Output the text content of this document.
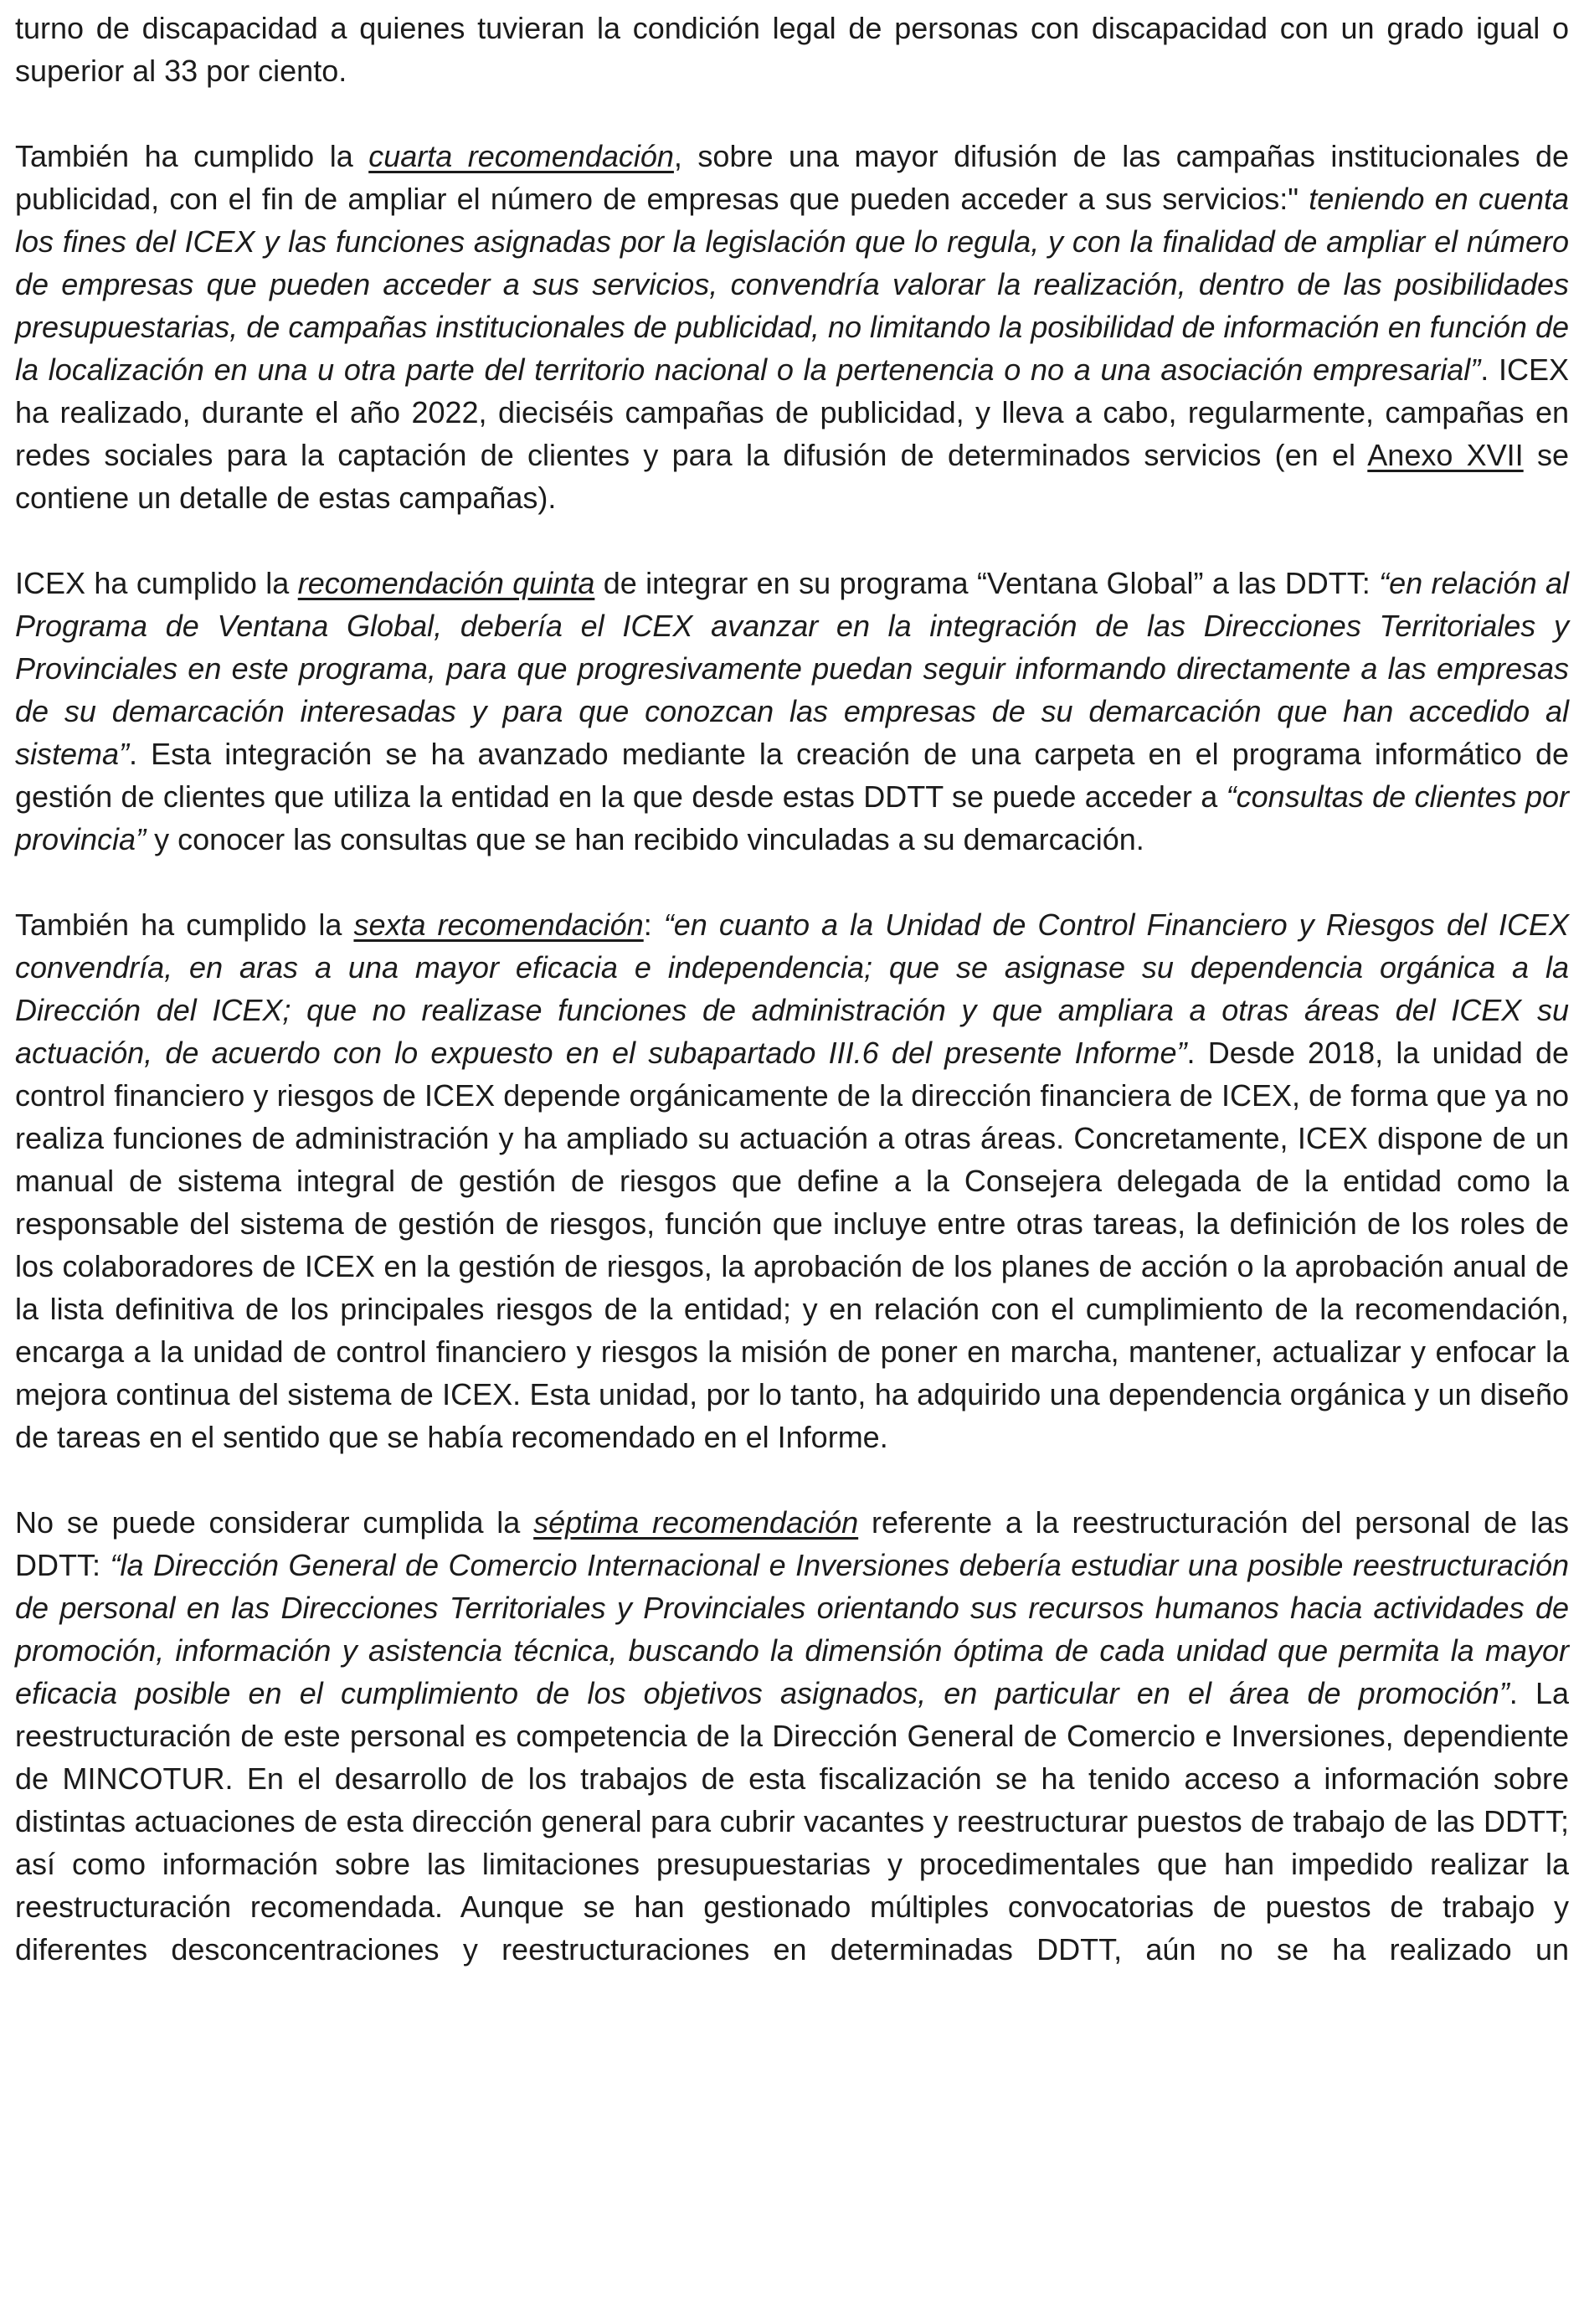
turno de discapacidad a quienes tuvieran la condición legal de personas con discapacidad con un grado igual o superior al 33 por ciento.

También ha cumplido la cuarta recomendación, sobre una mayor difusión de las campañas institucionales de publicidad, con el fin de ampliar el número de empresas que pueden acceder a sus servicios:" teniendo en cuenta los fines del ICEX y las funciones asignadas por la legislación que lo regula, y con la finalidad de ampliar el número de empresas que pueden acceder a sus servicios, convendría valorar la realización, dentro de las posibilidades presupuestarias, de campañas institucionales de publicidad, no limitando la posibilidad de información en función de la localización en una u otra parte del territorio nacional o la pertenencia o no a una asociación empresarial”. ICEX ha realizado, durante el año 2022, dieciséis campañas de publicidad, y lleva a cabo, regularmente, campañas en redes sociales para la captación de clientes y para la difusión de determinados servicios (en el Anexo XVII se contiene un detalle de estas campañas).

ICEX ha cumplido la recomendación quinta de integrar en su programa “Ventana Global” a las DDTT: “en relación al Programa de Ventana Global, debería el ICEX avanzar en la integración de las Direcciones Territoriales y Provinciales en este programa, para que progresivamente puedan seguir informando directamente a las empresas de su demarcación interesadas y para que conozcan las empresas de su demarcación que han accedido al sistema”. Esta integración se ha avanzado mediante la creación de una carpeta en el programa informático de gestión de clientes que utiliza la entidad en la que desde estas DDTT se puede acceder a “consultas de clientes por provincia” y conocer las consultas que se han recibido vinculadas a su demarcación.

También ha cumplido la sexta recomendación: “en cuanto a la Unidad de Control Financiero y Riesgos del ICEX convendría, en aras a una mayor eficacia e independencia; que se asignase su dependencia orgánica a la Dirección del ICEX; que no realizase funciones de administración y que ampliara a otras áreas del ICEX su actuación, de acuerdo con lo expuesto en el subapartado III.6 del presente Informe”. Desde 2018, la unidad de control financiero y riesgos de ICEX depende orgánicamente de la dirección financiera de ICEX, de forma que ya no realiza funciones de administración y ha ampliado su actuación a otras áreas. Concretamente, ICEX dispone de un manual de sistema integral de gestión de riesgos que define a la Consejera delegada de la entidad como la responsable del sistema de gestión de riesgos, función que incluye entre otras tareas, la definición de los roles de los colaboradores de ICEX en la gestión de riesgos, la aprobación de los planes de acción o la aprobación anual de la lista definitiva de los principales riesgos de la entidad; y en relación con el cumplimiento de la recomendación, encarga a la unidad de control financiero y riesgos la misión de poner en marcha, mantener, actualizar y enfocar la mejora continua del sistema de ICEX. Esta unidad, por lo tanto, ha adquirido una dependencia orgánica y un diseño de tareas en el sentido que se había recomendado en el Informe.

No se puede considerar cumplida la séptima recomendación referente a la reestructuración del personal de las DDTT: “la Dirección General de Comercio Internacional e Inversiones debería estudiar una posible reestructuración de personal en las Direcciones Territoriales y Provinciales orientando sus recursos humanos hacia actividades de promoción, información y asistencia técnica, buscando la dimensión óptima de cada unidad que permita la mayor eficacia posible en el cumplimiento de los objetivos asignados, en particular en el área de promoción”. La reestructuración de este personal es competencia de la Dirección General de Comercio e Inversiones, dependiente de MINCOTUR. En el desarrollo de los trabajos de esta fiscalización se ha tenido acceso a información sobre distintas actuaciones de esta dirección general para cubrir vacantes y reestructurar puestos de trabajo de las DDTT; así como información sobre las limitaciones presupuestarias y procedimentales que han impedido realizar la reestructuración recomendada. Aunque se han gestionado múltiples convocatorias de puestos de trabajo y diferentes desconcentraciones y reestructuraciones en determinadas DDTT, aún no se ha realizado un
